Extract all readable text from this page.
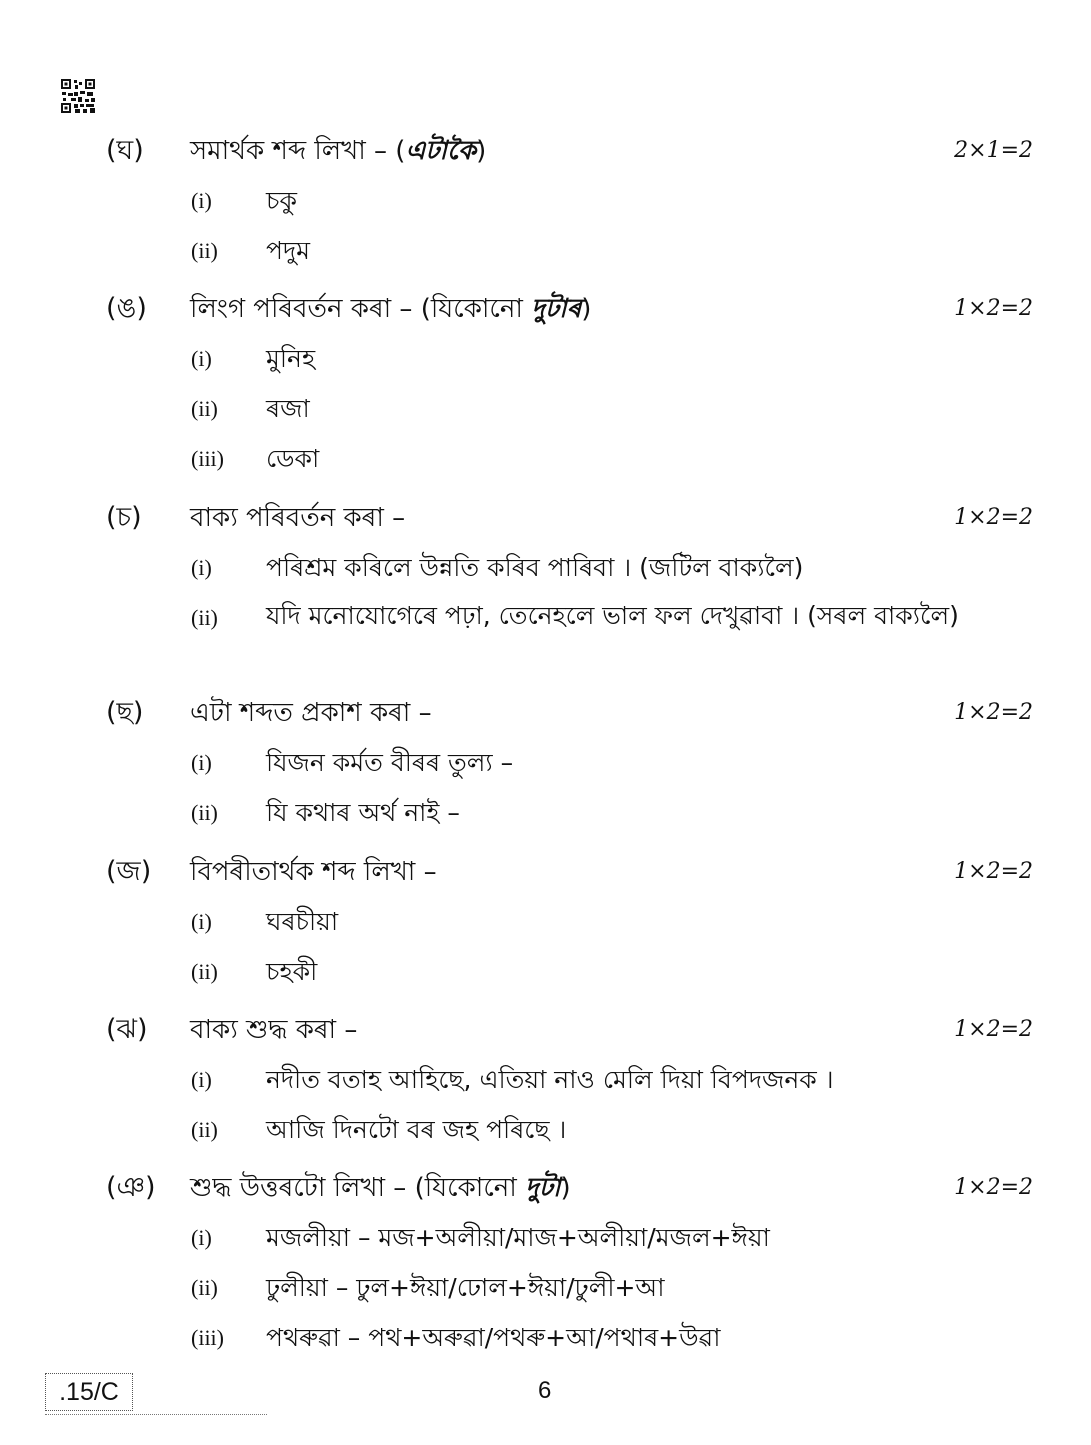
(ঘ) সমাৰ্থক শব্দ লিখা – (এটাকৈ)	2×1=2
(i) চকু
(ii) পদুম
(ঙ) লিংগ পৰিবৰ্তন কৰা – (যিকোনো দুটাৰ)	1×2=2
(i) মুনিহ
(ii) ৰজা
(iii) ডেকা
(চ) বাক্য পৰিবৰ্তন কৰা –	1×2=2
(i) পৰিশ্ৰম কৰিলে উন্নতি কৰিব পাৰিবা । (জটিল বাক্যলৈ)
(ii) যদি মনোযোগেৰে পঢ়া, তেনেহলে ভাল ফল দেখুৱাবা । (সৰল বাক্যলৈ)
(ছ) এটা শব্দত প্ৰকাশ কৰা –	1×2=2
(i) যিজন কৰ্মত বীৰৰ তুল্য –
(ii) যি কথাৰ অৰ্থ নাই –
(জ) বিপৰীতাৰ্থক শব্দ লিখা –	1×2=2
(i) ঘৰচীয়া
(ii) চহকী
(ঝ) বাক্য শুদ্ধ কৰা –	1×2=2
(i) নদীত বতাহ আহিছে, এতিয়া নাও মেলি দিয়া বিপদজনক ।
(ii) আজি দিনটো বৰ জহ পৰিছে ।
(ঞ) শুদ্ধ উত্তৰটো লিখা – (যিকোনো দুটা)	1×2=2
(i) মজলীয়া – মজ+অলীয়া/মাজ+অলীয়া/মজল+ঈয়া
(ii) ঢুলীয়া – ঢুল+ঈয়া/ঢোল+ঈয়া/ঢুলী+আ
(iii) পথৰুৱা – পথ+অৰুৱা/পথৰু+আ/পথাৰ+উৱা
.15/C	6
